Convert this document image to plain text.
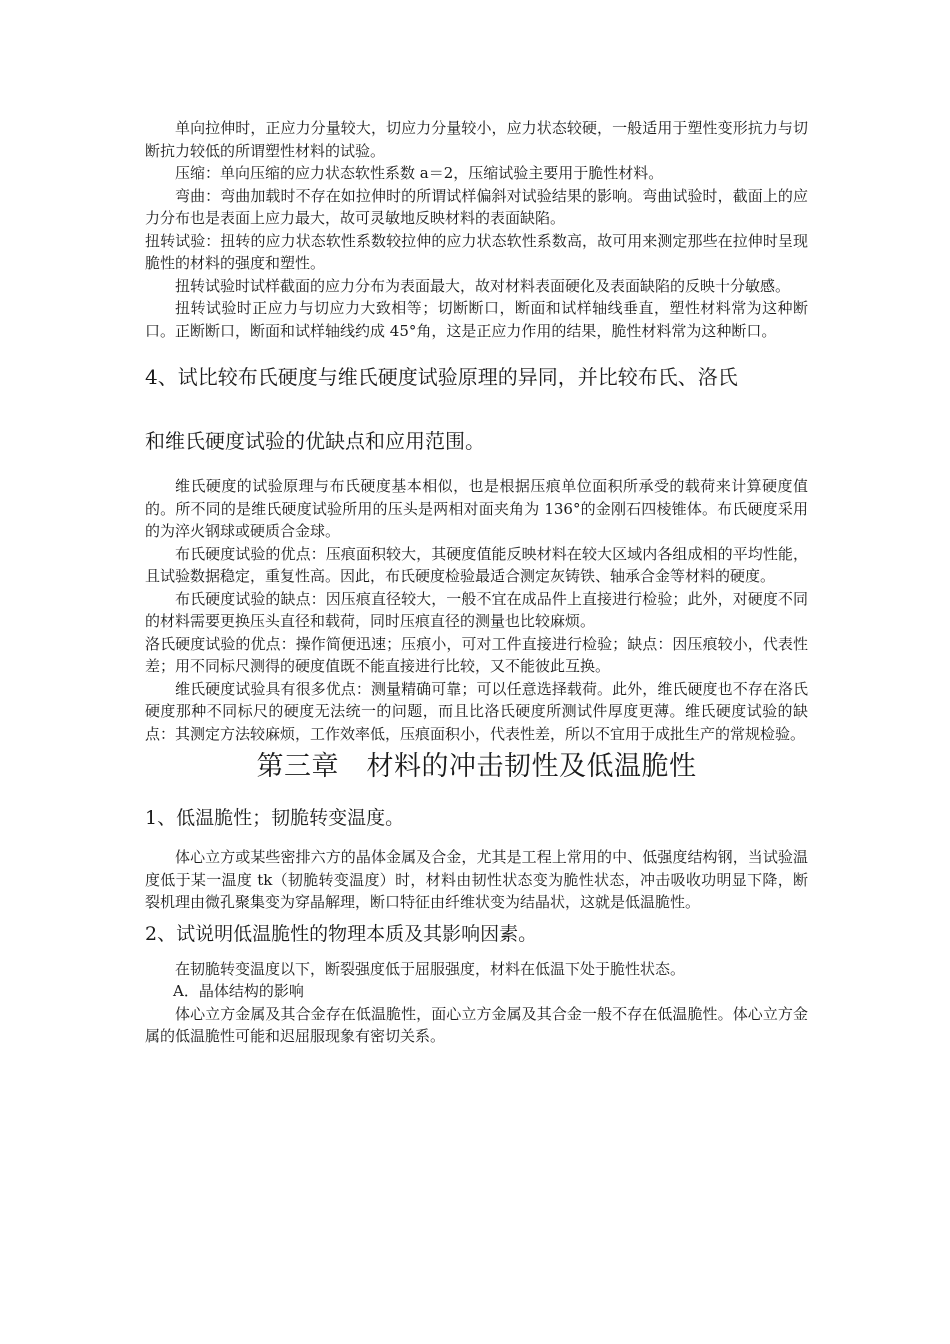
单向拉伸时，正应力分量较大，切应力分量较小，应力状态较硬，一般适用于塑性变形抗力与切断抗力较低的所谓塑性材料的试验。

压缩：单向压缩的应力状态软性系数 a＝2，压缩试验主要用于脆性材料。

弯曲：弯曲加载时不存在如拉伸时的所谓试样偏斜对试验结果的影响。弯曲试验时，截面上的应力分布也是表面上应力最大，故可灵敏地反映材料的表面缺陷。

扭转试验：扭转的应力状态软性系数较拉伸的应力状态软性系数高，故可用来测定那些在拉伸时呈现脆性的材料的强度和塑性。

扭转试验时试样截面的应力分布为表面最大，故对材料表面硬化及表面缺陷的反映十分敏感。

扭转试验时正应力与切应力大致相等；切断断口，断面和试样轴线垂直，塑性材料常为这种断口。正断断口，断面和试样轴线约成 45°角，这是正应力作用的结果，脆性材料常为这种断口。

4、试比较布氏硬度与维氏硬度试验原理的异同，并比较布氏、洛氏
和维氏硬度试验的优缺点和应用范围。

维氏硬度的试验原理与布氏硬度基本相似，也是根据压痕单位面积所承受的载荷来计算硬度值的。所不同的是维氏硬度试验所用的压头是两相对面夹角为 136°的金刚石四棱锥体。布氏硬度采用的为淬火钢球或硬质合金球。

布氏硬度试验的优点：压痕面积较大，其硬度值能反映材料在较大区域内各组成相的平均性能，且试验数据稳定，重复性高。因此，布氏硬度检验最适合测定灰铸铁、轴承合金等材料的硬度。

布氏硬度试验的缺点：因压痕直径较大，一般不宜在成品件上直接进行检验；此外，对硬度不同的材料需要更换压头直径和载荷，同时压痕直径的测量也比较麻烦。

洛氏硬度试验的优点：操作简便迅速；压痕小，可对工件直接进行检验；缺点：因压痕较小，代表性差；用不同标尺测得的硬度值既不能直接进行比较，又不能彼此互换。

维氏硬度试验具有很多优点：测量精确可靠；可以任意选择载荷。此外，维氏硬度也不存在洛氏硬度那种不同标尺的硬度无法统一的问题，而且比洛氏硬度所测试件厚度更薄。维氏硬度试验的缺点：其测定方法较麻烦，工作效率低，压痕面积小，代表性差，所以不宜用于成批生产的常规检验。

第三章　材料的冲击韧性及低温脆性
1、低温脆性；韧脆转变温度。

体心立方或某些密排六方的晶体金属及合金，尤其是工程上常用的中、低强度结构钢，当试验温度低于某一温度 tk（韧脆转变温度）时，材料由韧性状态变为脆性状态，冲击吸收功明显下降，断裂机理由微孔聚集变为穿晶解理，断口特征由纤维状变为结晶状，这就是低温脆性。

2、试说明低温脆性的物理本质及其影响因素。

在韧脆转变温度以下，断裂强度低于屈服强度，材料在低温下处于脆性状态。

A．晶体结构的影响

体心立方金属及其合金存在低温脆性，面心立方金属及其合金一般不存在低温脆性。体心立方金属的低温脆性可能和迟屈服现象有密切关系。
